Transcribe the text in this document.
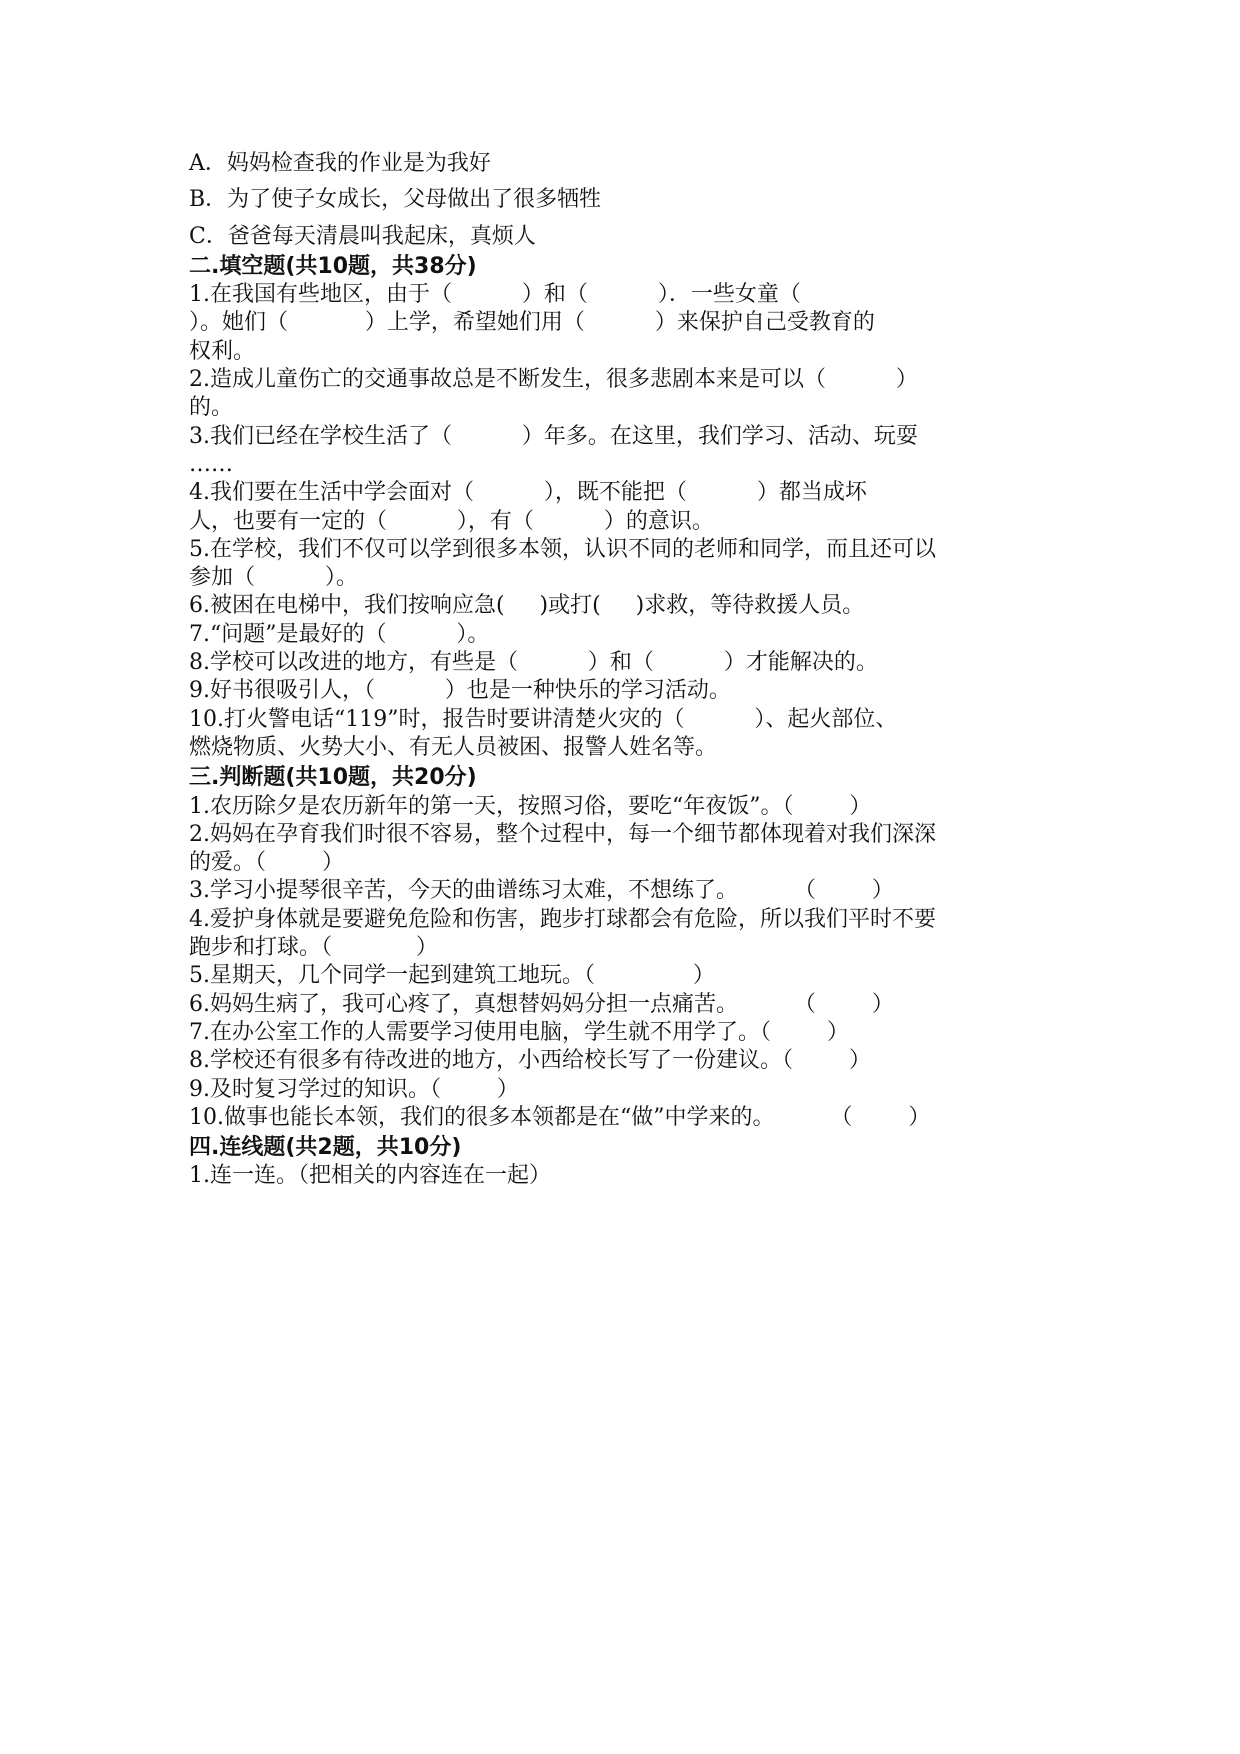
A．妈妈检查我的作业是为我好
B．为了使子女成长，父母做出了很多牺牲
C．爸爸每天清晨叫我起床，真烦人
二.填空题(共10题，共38分)
1.在我国有些地区，由于（          ）和（          ）．一些女童（
）。她们（           ）上学，希望她们用（          ）来保护自己受教育的
权利。
2.造成儿童伤亡的交通事故总是不断发生，很多悲剧本来是可以（          ）
的。
3.我们已经在学校生活了（          ）年多。在这里，我们学习、活动、玩耍
……
4.我们要在生活中学会面对（          ），既不能把（          ）都当成坏
人，也要有一定的（          ），有（          ）的意识。
5.在学校，我们不仅可以学到很多本领，认识不同的老师和同学，而且还可以
参加（          ）。
6.被困在电梯中，我们按响应急(     )或打(     )求救，等待救援人员。
7.“问题”是最好的（          ）。
8.学校可以改进的地方，有些是（          ）和（          ）才能解决的。
9.好书很吸引人，（          ）也是一种快乐的学习活动。
10.打火警电话“119”时，报告时要讲清楚火灾的（          ）、起火部位、
燃烧物质、火势大小、有无人员被困、报警人姓名等。
三.判断题(共10题，共20分)
1.农历除夕是农历新年的第一天，按照习俗，要吃“年夜饭”。（        ）
2.妈妈在孕育我们时很不容易，整个过程中，每一个细节都体现着对我们深深
的爱。（        ）
3.学习小提琴很辛苦，今天的曲谱练习太难，不想练了。        （        ）
4.爱护身体就是要避免危险和伤害，跑步打球都会有危险，所以我们平时不要
跑步和打球。（            ）
5.星期天，几个同学一起到建筑工地玩。（              ）
6.妈妈生病了，我可心疼了，真想替妈妈分担一点痛苦。        （        ）
7.在办公室工作的人需要学习使用电脑，学生就不用学了。（        ）
8.学校还有很多有待改进的地方，小西给校长写了一份建议。（        ）
9.及时复习学过的知识。（        ）
10.做事也能长本领，我们的很多本领都是在“做”中学来的。        （        ）
四.连线题(共2题，共10分)
1.连一连。（把相关的内容连在一起）
